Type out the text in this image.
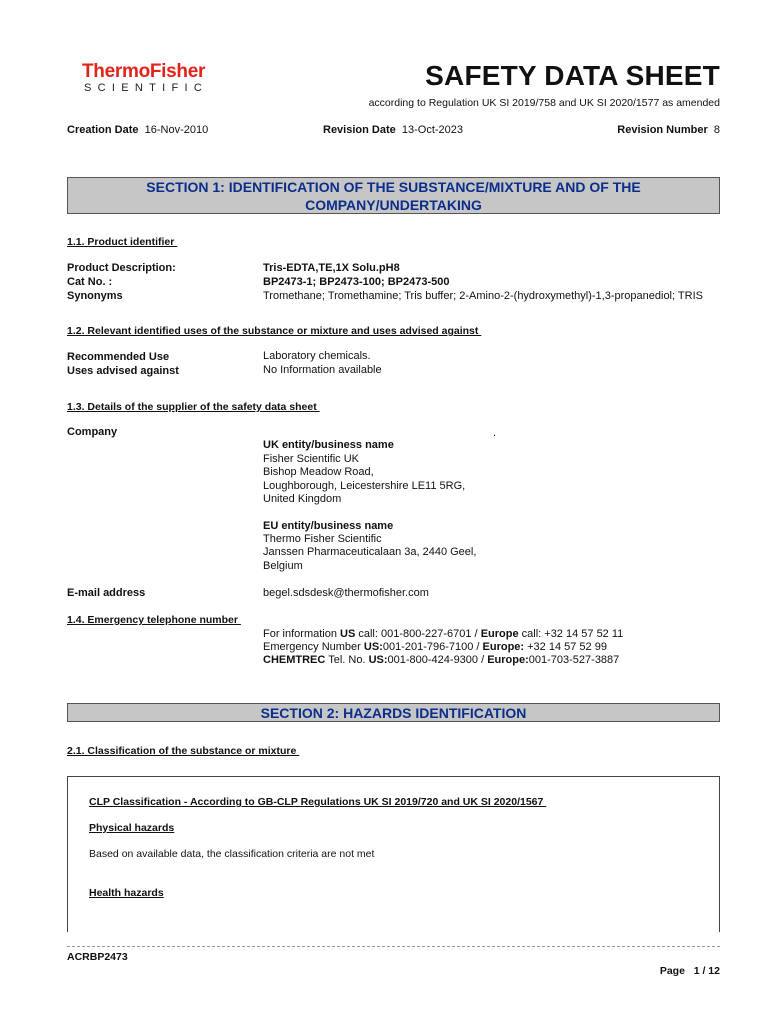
ThermoFisher
SCIENTIFIC	SAFETY DATA SHEET
according to Regulation UK SI 2019/758 and UK SI 2020/1577 as amended
Creation Date 16-Nov-2010	Revision Date 13-Oct-2023	Revision Number 8
SECTION 1: IDENTIFICATION OF THE SUBSTANCE/MIXTURE AND OF THE
COMPANY/UNDERTAKING
1.1. Product identifier
Product Description:	Tris-EDTA,TE,1X Solu.pH8
Cat No. :	BP2473-1; BP2473-100; BP2473-500
Synonyms	Tromethane; Tromethamine; Tris buffer; 2-Amino-2-(hydroxymethyl)-1,3-propanediol; TRIS
1.2. Relevant identified uses of the substance or mixture and uses advised against
Recommended Use	Laboratory chemicals.
Uses advised against	No Information available
1.3. Details of the supplier of the safety data sheet
Company	.
UK entity/business name
Fisher Scientific UK
Bishop Meadow Road,
Loughborough, Leicestershire LE11 5RG,
United Kingdom
EU entity/business name
Thermo Fisher Scientific
Janssen Pharmaceuticalaan 3a, 2440 Geel,
Belgium
E-mail address	begel.sdsdesk@thermofisher.com
1.4. Emergency telephone number
For information US call: 001-800-227-6701 / Europe call: +32 14 57 52 11
Emergency Number US:001-201-796-7100 / Europe: +32 14 57 52 99
CHEMTREC Tel. No. US:001-800-424-9300 / Europe:001-703-527-3887
SECTION 2: HAZARDS IDENTIFICATION
2.1. Classification of the substance or mixture
CLP Classification - According to GB-CLP Regulations UK SI 2019/720 and UK SI 2020/1567
Physical hazards
Based on available data, the classification criteria are not met
Health hazards
ACRBP2473
Page 1 / 12
